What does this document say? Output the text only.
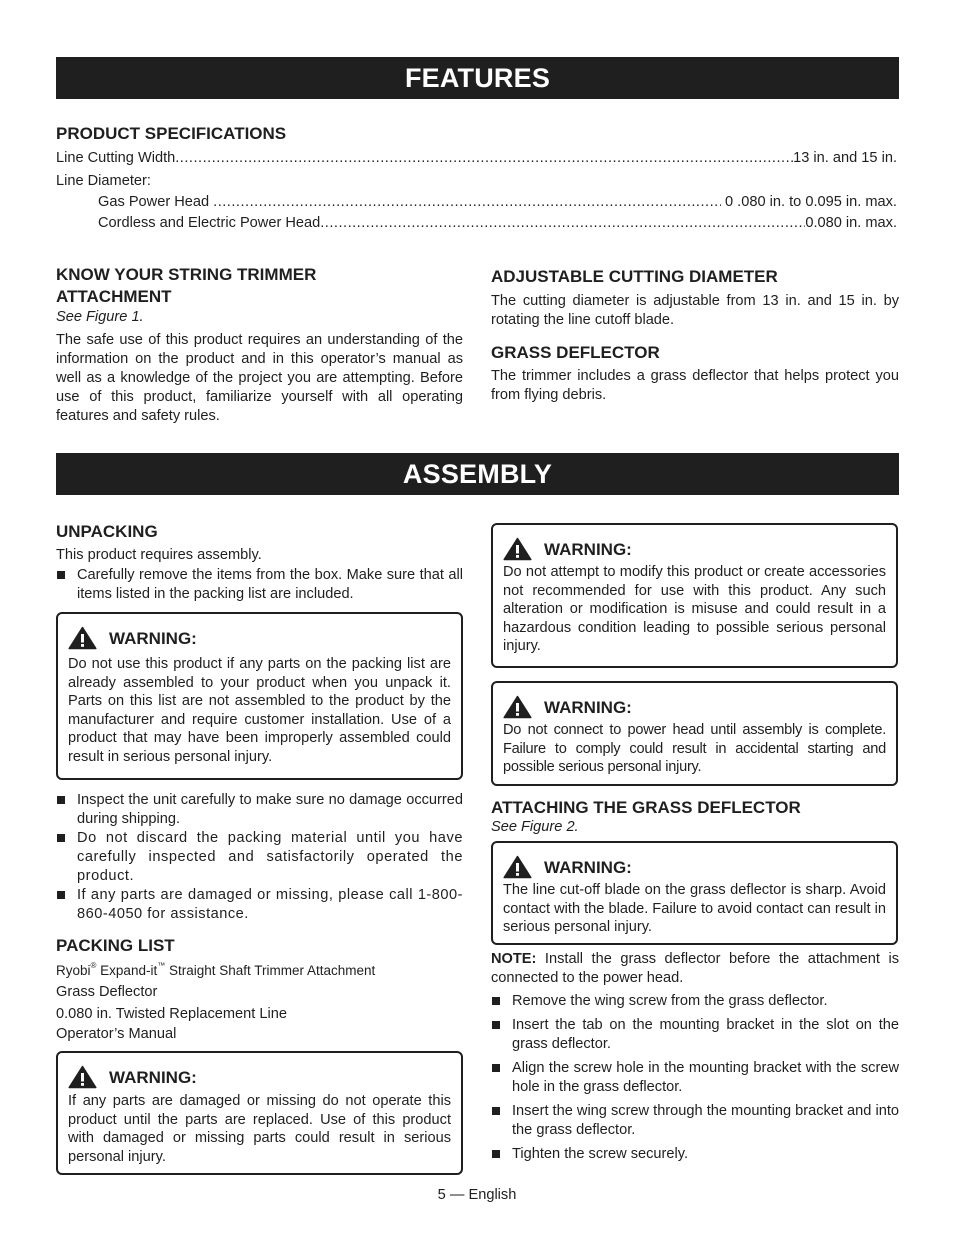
FEATURES
PRODUCT SPECIFICATIONS
Line Cutting Width .....	13 in. and 15 in.
Line Diameter:
Gas Power Head .....	0 .080 in. to 0.095 in. max.
Cordless and Electric Power Head .....	0.080 in. max.
KNOW YOUR STRING TRIMMER
ATTACHMENT
See Figure 1.
The safe use of this product requires an understanding of the information on the product and in this operator’s manual as well as a knowledge of the project you are attempting. Before use of this product, familiarize yourself with all operating features and safety rules.
ADJUSTABLE CUTTING DIAMETER
The cutting diameter is adjustable from 13 in. and 15 in. by rotating the line cutoff blade.
GRASS DEFLECTOR
The trimmer includes a grass deflector that helps protect you from flying debris.
ASSEMBLY
UNPACKING
This product requires assembly.
Carefully remove the items from the box. Make sure that all items listed in the packing list are included.
WARNING:
Do not use this product if any parts on the packing list are already assembled to your product when you unpack it. Parts on this list are not assembled to the product by the manufacturer and require customer installation. Use of a product that may have been improperly assembled could result in serious personal injury.
Inspect the unit carefully to make sure no damage occurred during shipping.
Do not discard the packing material until you have carefully inspected and satisfactorily operated the product.
If any parts are damaged or missing, please call 1-800-860-4050 for assistance.
PACKING LIST
Ryobi® Expand-it™ Straight Shaft Trimmer Attachment
Grass Deflector
0.080 in. Twisted Replacement Line
Operator’s Manual
WARNING:
If any parts are damaged or missing do not operate this product until the parts are replaced. Use of this product with damaged or missing parts could result in serious personal injury.
WARNING:
Do not attempt to modify this product or create accessories not recommended for use with this product. Any such alteration or modification is misuse and could result in a hazardous condition leading to possible serious personal injury.
WARNING:
Do not connect to power head until assembly is complete. Failure to comply could result in accidental starting and possible serious personal injury.
ATTACHING THE GRASS DEFLECTOR
See Figure 2.
WARNING:
The line cut-off blade on the grass deflector is sharp. Avoid contact with the blade. Failure to avoid contact can result in serious personal injury.
NOTE: Install the grass deflector before the attachment is connected to the power head.
Remove the wing screw from the grass deflector.
Insert the tab on the mounting bracket in the slot on the grass deflector.
Align the screw hole in the mounting bracket with the screw hole in the grass deflector.
Insert the wing screw through the mounting bracket and into the grass deflector.
Tighten the screw securely.
5 — English
